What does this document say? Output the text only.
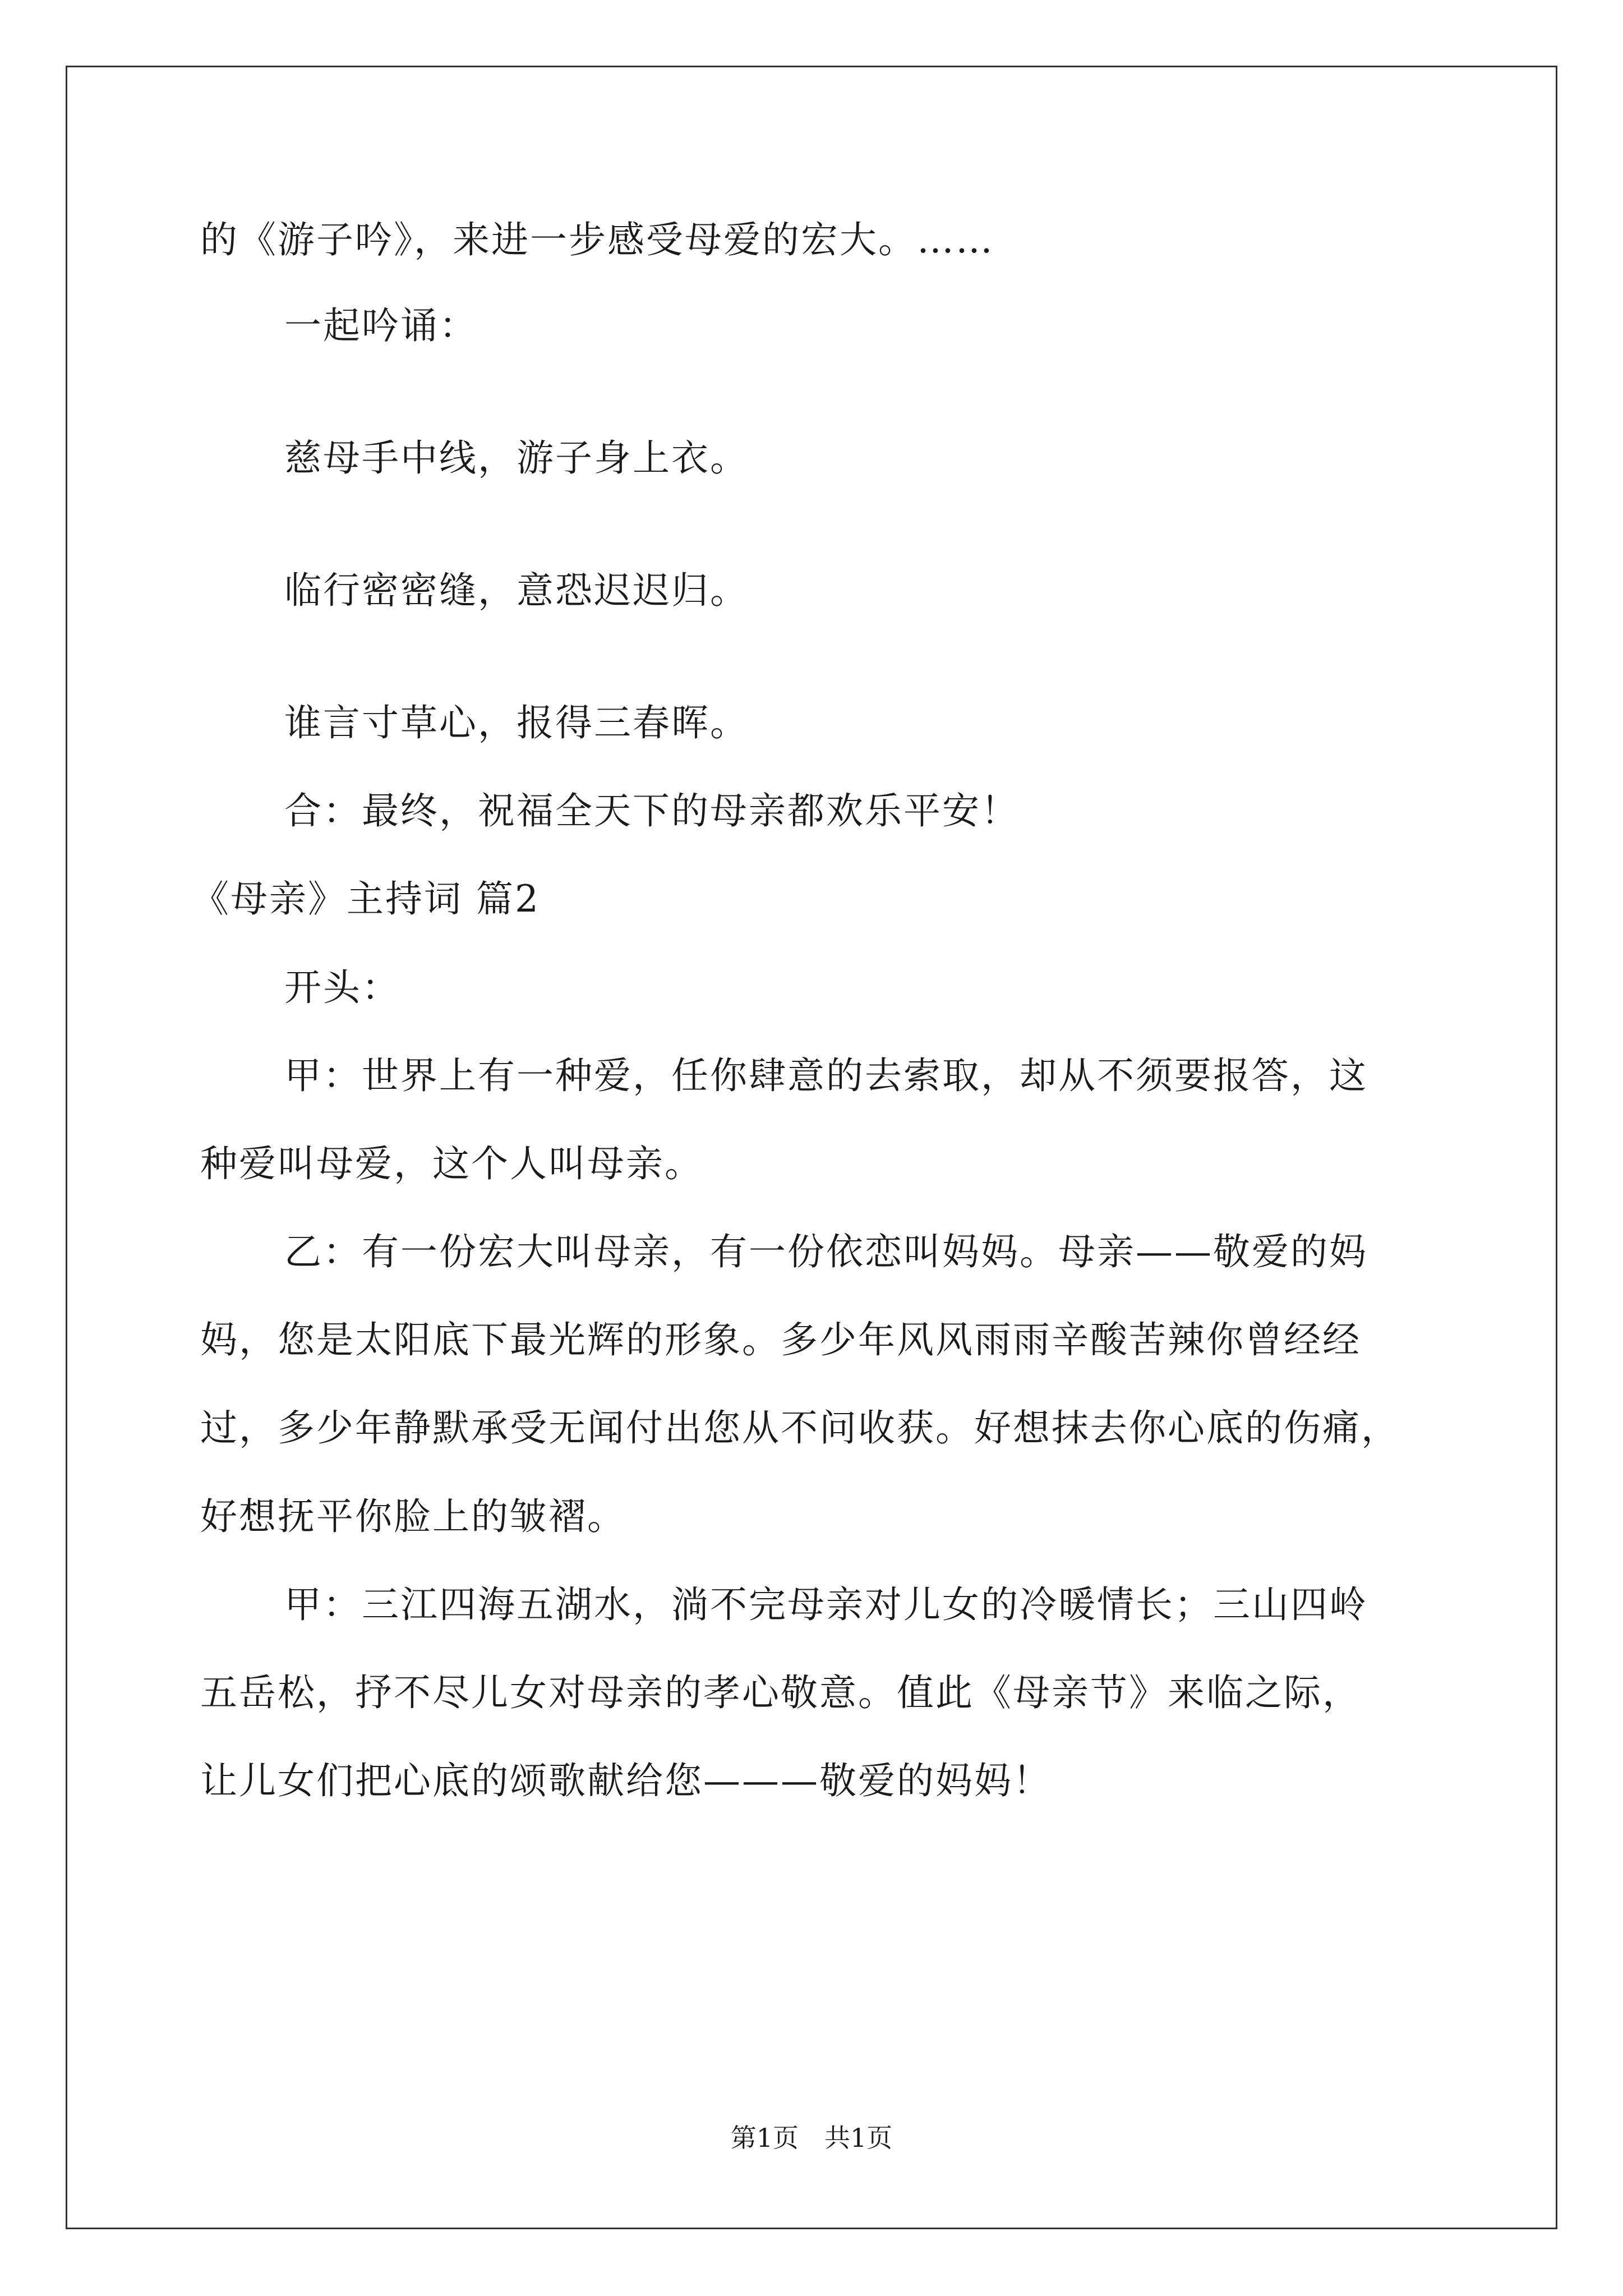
的《游子吟》，来进一步感受母爱的宏大。……
一起吟诵：
慈母手中线，游子身上衣。
临行密密缝，意恐迟迟归。
谁言寸草心，报得三春晖。
合：最终，祝福全天下的母亲都欢乐平安！
《母亲》主持词 篇2
开头：
甲：世界上有一种爱，任你肆意的去索取，却从不须要报答，这
种爱叫母爱，这个人叫母亲。
乙：有一份宏大叫母亲，有一份依恋叫妈妈。母亲——敬爱的妈
妈，您是太阳底下最光辉的形象。多少年风风雨雨辛酸苦辣你曾经经
过，多少年静默承受无闻付出您从不问收获。好想抹去你心底的伤痛，
好想抚平你脸上的皱褶。
甲：三江四海五湖水，淌不完母亲对儿女的冷暖情长；三山四岭
五岳松，抒不尽儿女对母亲的孝心敬意。值此《母亲节》来临之际，
让儿女们把心底的颂歌献给您———敬爱的妈妈！
第1页　共1页
